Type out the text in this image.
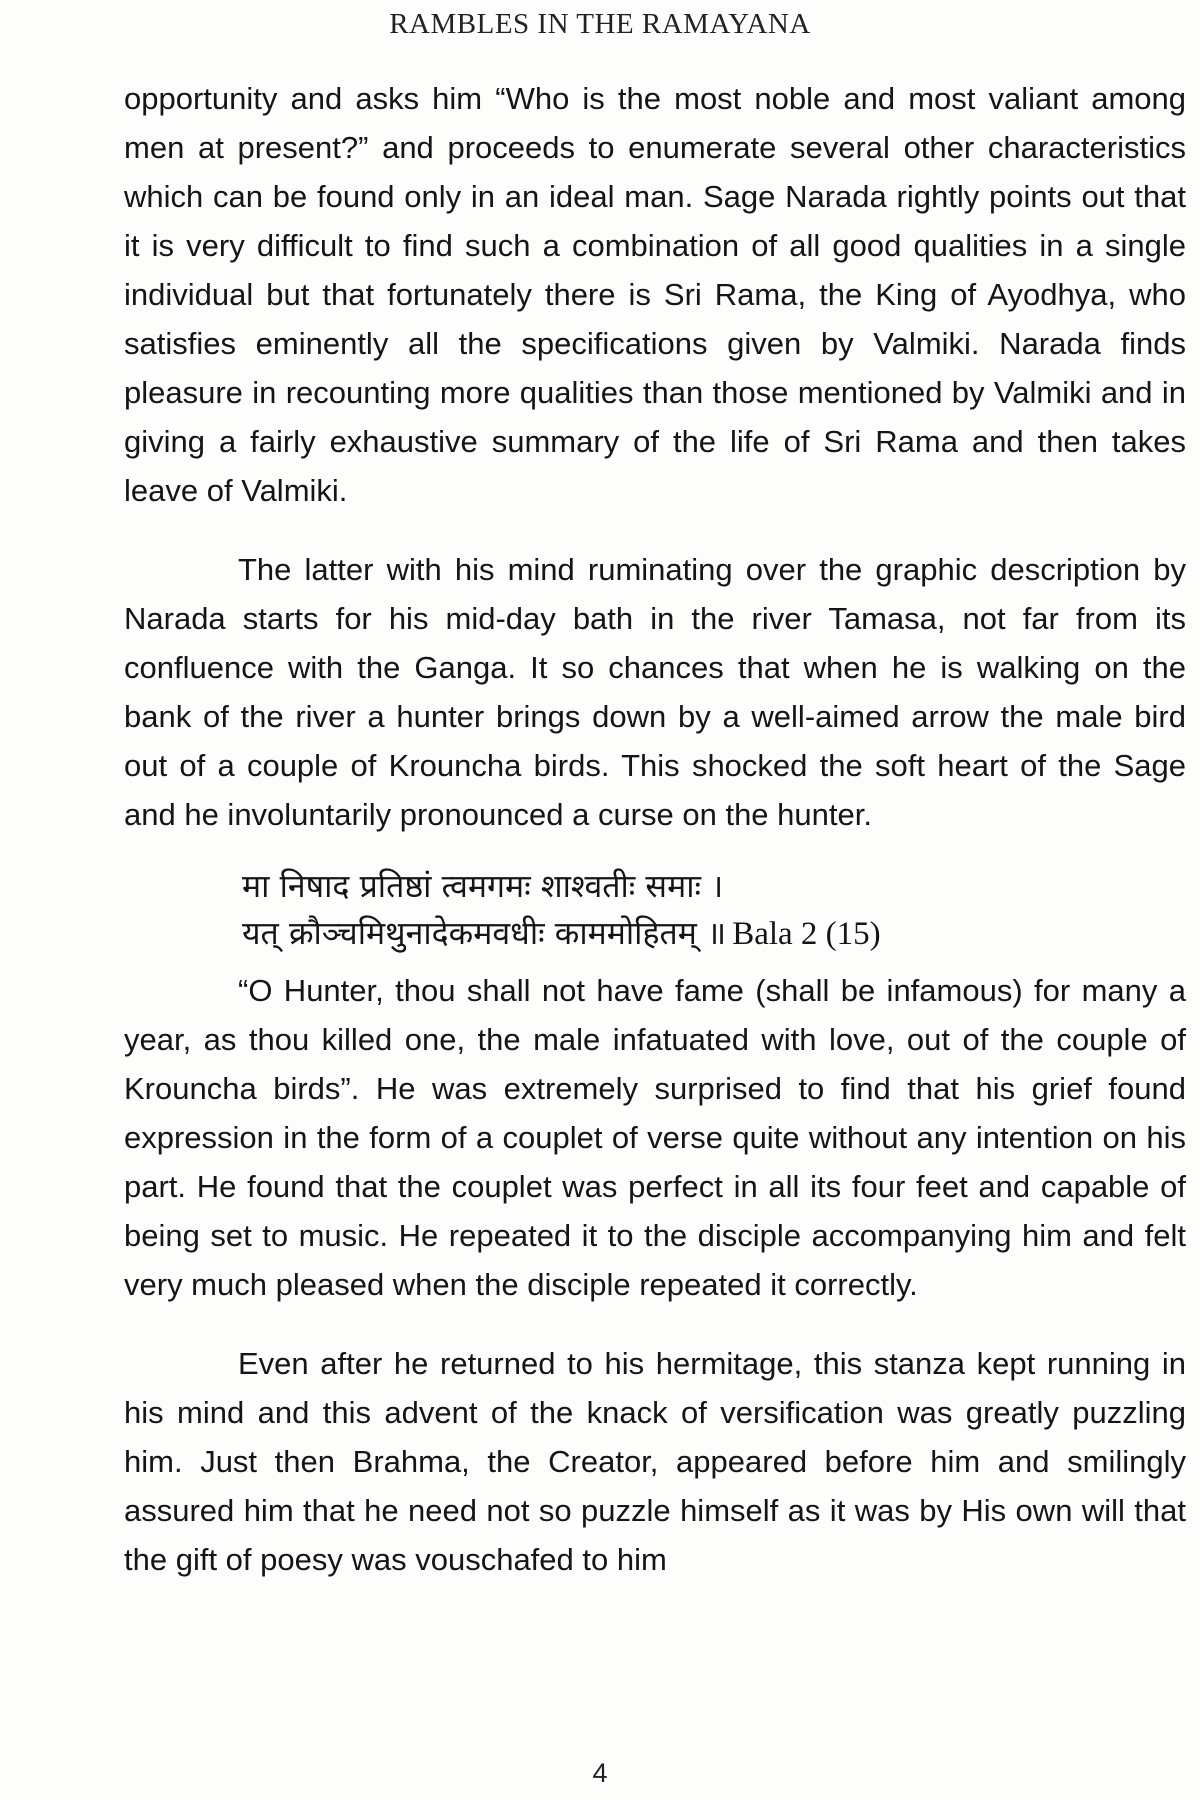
RAMBLES IN THE RAMAYANA

opportunity and asks him “Who is the most noble and most valiant among men at present?” and proceeds to enumerate several other characteristics which can be found only in an ideal man. Sage Narada rightly points out that it is very difficult to find such a combination of all good qualities in a single individual but that fortunately there is Sri Rama, the King of Ayodhya, who satisfies eminently all the specifications given by Valmiki. Narada finds pleasure in recounting more qualities than those mentioned by Valmiki and in giving a fairly exhaustive summary of the life of Sri Rama and then takes leave of Valmiki.

The latter with his mind ruminating over the graphic description by Narada starts for his mid-day bath in the river Tamasa, not far from its confluence with the Ganga. It so chances that when he is walking on the bank of the river a hunter brings down by a well-aimed arrow the male bird out of a couple of Krouncha birds. This shocked the soft heart of the Sage and he involuntarily pronounced a curse on the hunter.

मा निषाद प्रतिष्ठां त्वमगमः शाश्वतीः समाः ।
यत् क्रौञ्चमिथुनादेकमवधीः काममोहितम् ॥ Bala 2 (15)

“O Hunter, thou shall not have fame (shall be infamous) for many a year, as thou killed one, the male infatuated with love, out of the couple of Krouncha birds”. He was extremely surprised to find that his grief found expression in the form of a couplet of verse quite without any intention on his part. He found that the couplet was perfect in all its four feet and capable of being set to music. He repeated it to the disciple accompanying him and felt very much pleased when the disciple repeated it correctly.

Even after he returned to his hermitage, this stanza kept running in his mind and this advent of the knack of versification was greatly puzzling him. Just then Brahma, the Creator, appeared before him and smilingly assured him that he need not so puzzle himself as it was by His own will that the gift of poesy was vouschafed to him

4
